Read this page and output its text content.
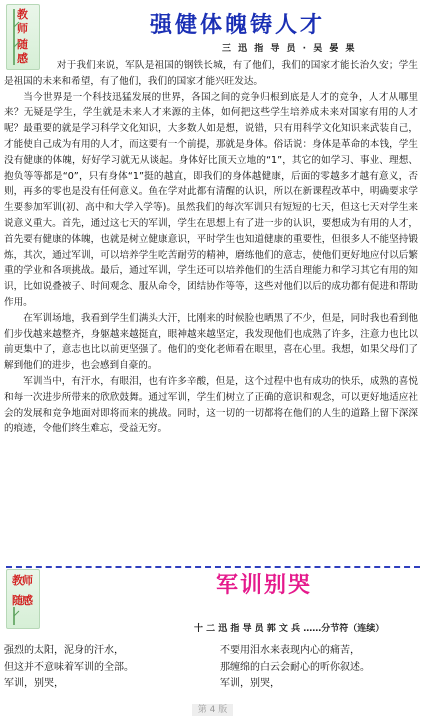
教
师
随
感
强健体魄铸人才
三 迅 指 导 员 · 吴 晏 果

对于我们来说，军队是祖国的钢铁长城，有了他们，我们的国家才能长治久安；学生是祖国的未来和希望，有了他们，我们的国家才能兴旺发达。

当今世界是一个科技迅猛发展的世界，各国之间的竞争归根到底是人才的竞争，人才从哪里来？无疑是学生，学生就是未来人才来源的主体，如何把这些学生培养成未来对国家有用的人才呢？最重要的就是学习科学文化知识，大多数人如是想，说错，只有用科学文化知识来武装自己，才能使自己成为有用的人才，而这要有一个前提，那就是身体。俗话说：身体是革命的本钱，学生没有健康的体魄，好好学习就无从谈起。身体好比顶天立地的“1”，其它的如学习、事业、理想、抱负等等都是“0”，只有身体“1”挺的越直，即我们的身体越健康，后面的零越多才越有意义，否则，再多的零也是没有任何意义。鱼在学对此都有清醒的认识，所以在新课程改革中，明确要求学生要参加军训(初、高中和大学入学等)。虽然我们的每次军训只有短短的七天，但这七天对学生来说意义重大。首先，通过这七天的军训，学生在思想上有了进一步的认识，要想成为有用的人才，首先要有健康的体魄，也就是树立健康意识，平时学生也知道健康的重要性，但很多人不能坚持锻炼，其次，通过军训，可以培养学生吃苦耐劳的精神，磨练他们的意志，使他们更好地应付以后繁重的学业和各项挑战。最后，通过军训，学生还可以培养他们的生活自理能力和学习其它有用的知识，比如说叠被子、时间观念、服从命令，团结协作等等，这些对他们以后的成功都有促进和帮助作用。

在军训场地，我看到学生们满头大汗，比刚来的时候脸也晒黑了不少，但是，同时我也看到他们步伐越来越整齐，身躯越来越挺直，眼神越来越坚定，我发现他们也成熟了许多，注意力也比以前更集中了，意志也比以前更坚强了。他们的变化老师看在眼里，喜在心里。我想，如果父母们了解到他们的进步，也会感到自豪的。

军训当中，有汗水，有眼泪，也有许多辛酸，但是，这个过程中也有成功的快乐，成熟的喜悦和每一次进步所带来的欣欣鼓舞。通过军训，学生们树立了正确的意识和观念，可以更好地适应社会的发展和竞争地面对即将而来的挑战。同时，这一切的一切都将在他们的人生的道路上留下深深的痕迹，令他们终生难忘，受益无穷。

教
师
随
感
军训别哭
十 二 迅 指 导 员 郭 文 兵 ……分节符（连续）
强烈的太阳，泥身的汗水，
但这并不意味着军训的全部。
军训，别哭，
不要用泪水来表现内心的痛苦，
那缠绵的白云会耐心的听你叙述。
军训，别哭，
第 4 版
